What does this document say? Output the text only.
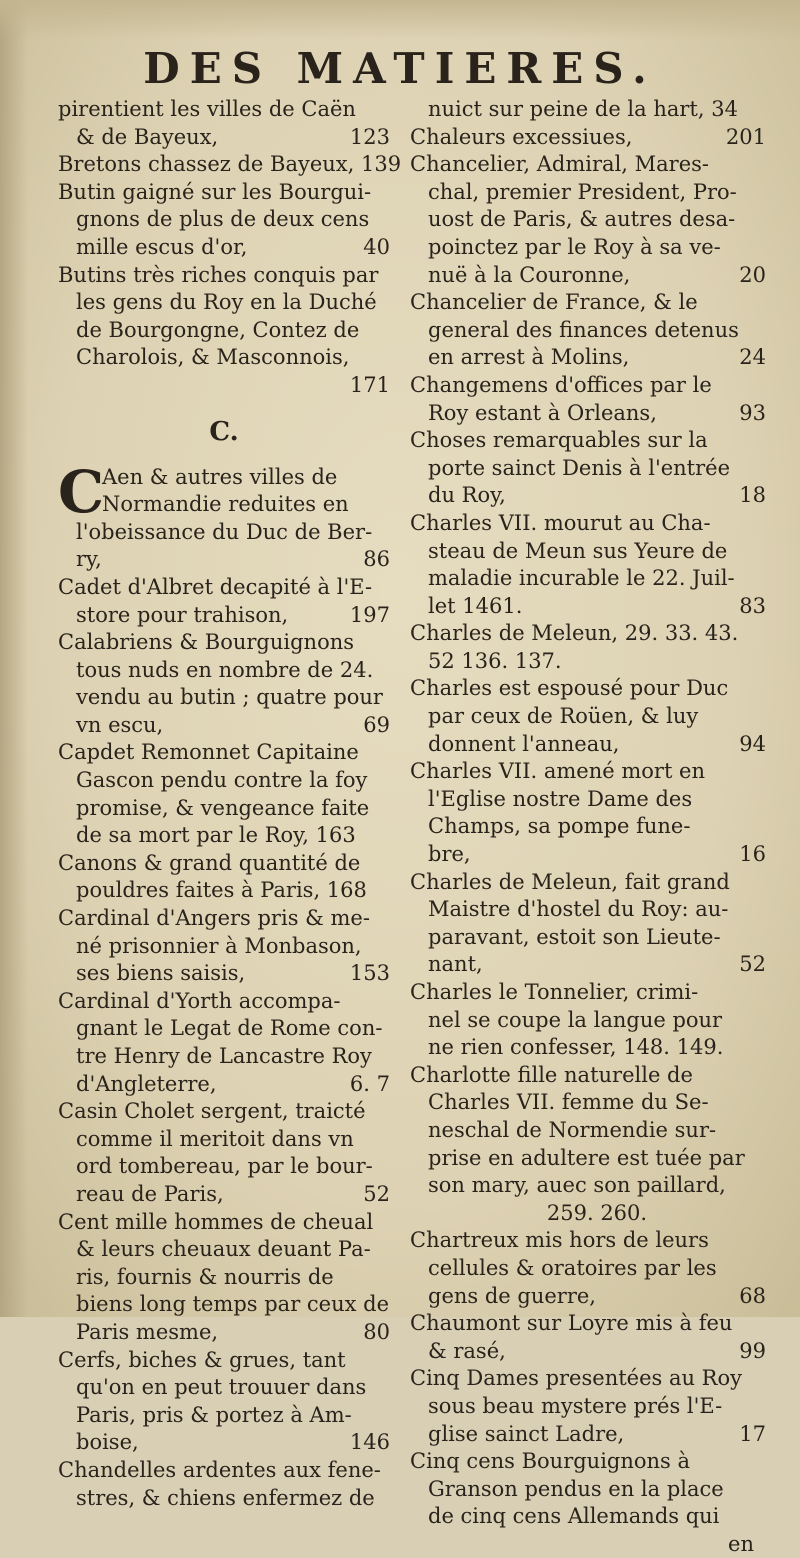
DES MATIERES.
pirentient les villes de Caën
& de Bayeux,	123
Bretons chassez de Bayeux, 139
Butin gaigné sur les Bourgui-
gnons de plus de deux cens
mille escus d'or,	40
Butins très riches conquis par
les gens du Roy en la Duché
de Bourgongne, Contez de
Charolois, & Masconnois,
171
C.
C
Aen & autres villes de
Normandie reduites en
l'obeissance du Duc de Ber-
ry,	86
Cadet d'Albret decapité à l'E-
store pour trahison,	197
Calabriens & Bourguignons
tous nuds en nombre de 24.
vendu au butin ; quatre pour
vn escu,	69
Capdet Remonnet Capitaine
Gascon pendu contre la foy
promise, & vengeance faite
de sa mort par le Roy, 163
Canons & grand quantité de
pouldres faites à Paris, 168
Cardinal d'Angers pris & me-
né prisonnier à Monbason,
ses biens saisis,	153
Cardinal d'Yorth accompa-
gnant le Legat de Rome con-
tre Henry de Lancastre Roy
d'Angleterre,	6. 7
Casin Cholet sergent, traicté
comme il meritoit dans vn
ord tombereau, par le bour-
reau de Paris,	52
Cent mille hommes de cheual
& leurs cheuaux deuant Pa-
ris, fournis & nourris de
biens long temps par ceux de
Paris mesme,	80
Cerfs, biches & grues, tant
qu'on en peut trouuer dans
Paris, pris & portez à Am-
boise,	146
Chandelles ardentes aux fene-
stres, & chiens enfermez de
nuict sur peine de la hart, 34
Chaleurs excessiues,	201
Chancelier, Admiral, Mares-
chal, premier President, Pro-
uost de Paris, & autres desa-
poinctez par le Roy à sa ve-
nuë à la Couronne,	20
Chancelier de France, & le
general des finances detenus
en arrest à Molins,	24
Changemens d'offices par le
Roy estant à Orleans,	93
Choses remarquables sur la
porte sainct Denis à l'entrée
du Roy,	18
Charles VII. mourut au Cha-
steau de Meun sus Yeure de
maladie incurable le 22. Juil-
let 1461.	83
Charles de Meleun, 29. 33. 43.
52 136. 137.
Charles est espousé pour Duc
par ceux de Roüen, & luy
donnent l'anneau,	94
Charles VII. amené mort en
l'Eglise nostre Dame des
Champs, sa pompe fune-
bre,	16
Charles de Meleun, fait grand
Maistre d'hostel du Roy: au-
paravant, estoit son Lieute-
nant,	52
Charles le Tonnelier, crimi-
nel se coupe la langue pour
ne rien confesser, 148. 149.
Charlotte fille naturelle de
Charles VII. femme du Se-
neschal de Normendie sur-
prise en adultere est tuée par
son mary, auec son paillard,
259. 260.
Chartreux mis hors de leurs
cellules & oratoires par les
gens de guerre,	68
Chaumont sur Loyre mis à feu
& rasé,	99
Cinq Dames presentées au Roy
sous beau mystere prés l'E-
glise sainct Ladre,	17
Cinq cens Bourguignons à
Granson pendus en la place
de cinq cens Allemands qui
en
